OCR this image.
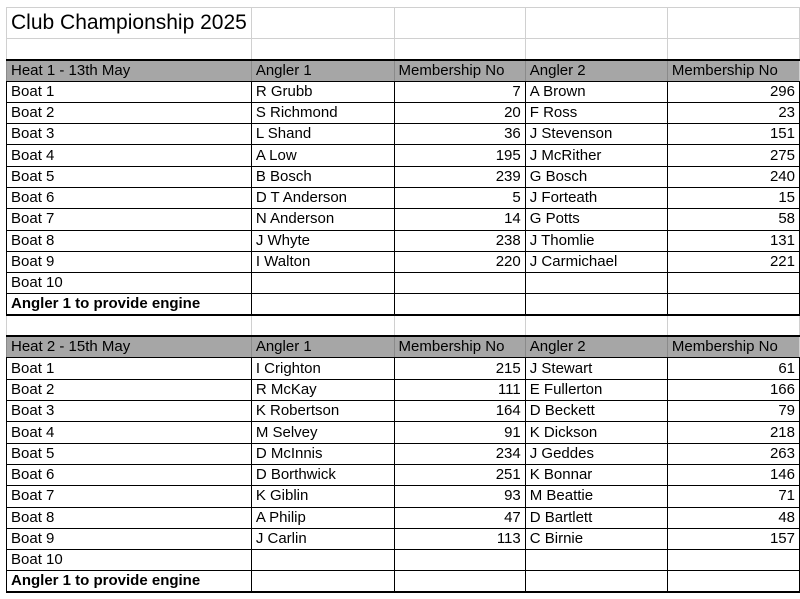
Club Championship 2025				

Heat 1 - 13th May	Angler 1	Membership No	Angler 2	Membership No
Boat 1	R Grubb	7	A Brown	296
Boat 2	S Richmond	20	F Ross	23
Boat 3	L Shand	36	J Stevenson	151
Boat 4	A Low	195	J McRither	275
Boat 5	B Bosch	239	G Bosch	240
Boat 6	D T Anderson	5	J Forteath	15
Boat 7	N Anderson	14	G Potts	58
Boat 8	J Whyte	238	J Thomlie	131
Boat 9	I Walton	220	J Carmichael	221
Boat 10				
Angler 1 to provide engine				

Heat 2 - 15th May	Angler 1	Membership No	Angler 2	Membership No
Boat 1	I Crighton	215	J Stewart	61
Boat 2	R McKay	111	E Fullerton	166
Boat 3	K Robertson	164	D Beckett	79
Boat 4	M Selvey	91	K Dickson	218
Boat 5	D McInnis	234	J Geddes	263
Boat 6	D Borthwick	251	K Bonnar	146
Boat 7	K Giblin	93	M Beattie	71
Boat 8	A Philip	47	D Bartlett	48
Boat 9	J Carlin	113	C Birnie	157
Boat 10				
Angler 1 to provide engine				
